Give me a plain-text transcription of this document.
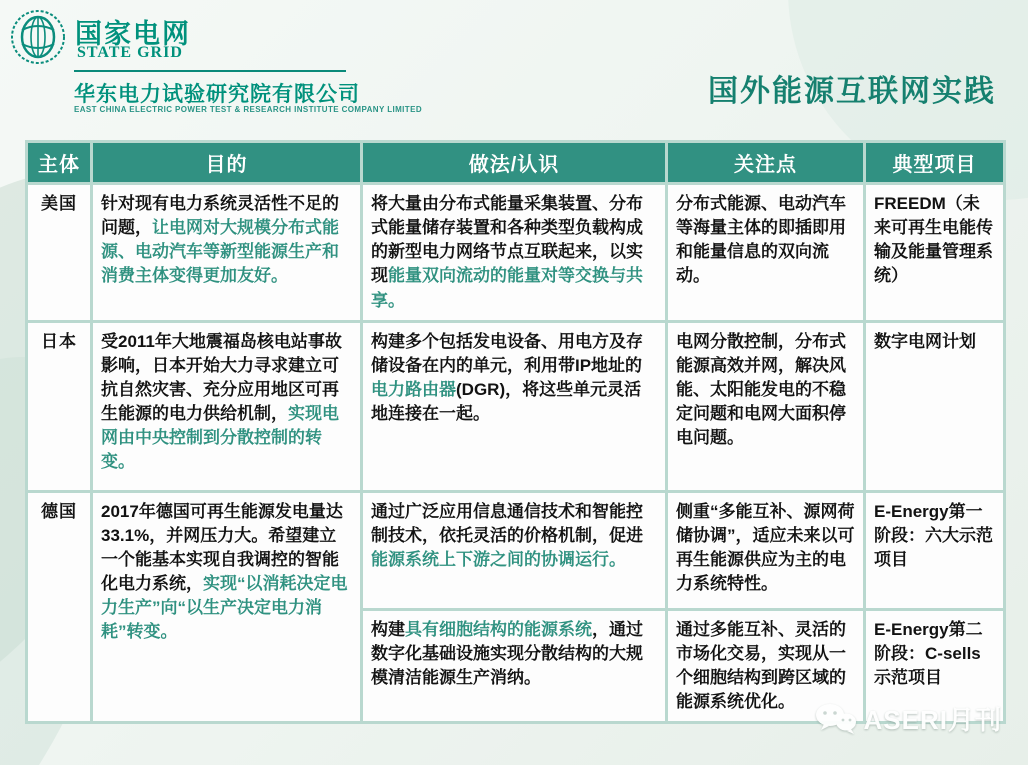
国家电网
STATE GRID
华东电力试验研究院有限公司
EAST CHINA ELECTRIC POWER TEST & RESEARCH INSTITUTE COMPANY LIMITED
国外能源互联网实践
主体	目的	做法/认识	关注点	典型项目
美国	针对现有电力系统灵活性不足的问题，让电网对大规模分布式能源、电动汽车等新型能源生产和消费主体变得更加友好。	将大量由分布式能量采集装置、分布式能量储存装置和各种类型负载构成的新型电力网络节点互联起来，以实现能量双向流动的能量对等交换与共享。	分布式能源、电动汽车等海量主体的即插即用和能量信息的双向流动。	FREEDM（未来可再生电能传输及能量管理系统）
日本	受2011年大地震福岛核电站事故影响，日本开始大力寻求建立可抗自然灾害、充分应用地区可再生能源的电力供给机制，实现电网由中央控制到分散控制的转变。	构建多个包括发电设备、用电方及存储设备在内的单元，利用带IP地址的电力路由器(DGR)，将这些单元灵活地连接在一起。	电网分散控制，分布式能源高效并网，解决风能、太阳能发电的不稳定问题和电网大面积停电问题。	数字电网计划
德国	2017年德国可再生能源发电量达33.1%，并网压力大。希望建立一个能基本实现自我调控的智能化电力系统，实现“以消耗决定电力生产”向“以生产决定电力消耗”转变。	通过广泛应用信息通信技术和智能控制技术，依托灵活的价格机制，促进能源系统上下游之间的协调运行。	侧重“多能互补、源网荷储协调”，适应未来以可再生能源供应为主的电力系统特性。	E-Energy第一阶段：六大示范项目
		构建具有细胞结构的能源系统，通过数字化基础设施实现分散结构的大规模清洁能源生产消纳。	通过多能互补、灵活的市场化交易，实现从一个细胞结构到跨区域的能源系统优化。	E-Energy第二阶段：C-sells示范项目
ASERI月刊
